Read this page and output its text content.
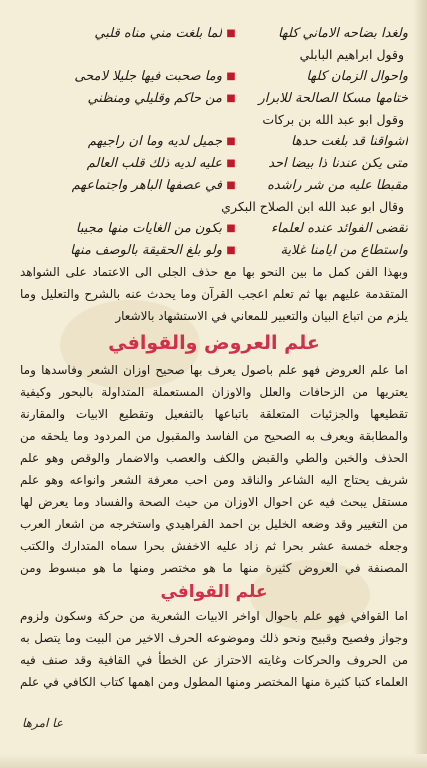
ولغدا بضاحه الاماني كلها
■
لما بلغت مني مناه قلبي
وقول ابراهيم البابلي
واحوال الزمان كلها
■
وما صحبت فيها جليلا لامحى
ختامها مسكا الصالحة للابرار
■
من حاكم وقليلي ومنظني
وقول ابو عبد الله بن بركات
اشواقنا قد بلغت حدها
■
جميل لديه وما ان راجيهم
متى يكن عندنا ذا بيضا احد
■
عليه لديه ذلك قلب العالم
مقبطا عليه من شر راشده
■
في عصفها الباهر واجتماعهم
وقال ابو عبد الله ابن الصلاح البكري
تقضى الفوائد عنده لعلماء
■
بكون من الغايات منها مجيبا
واستطاع من ايامنا غلاية
■
ولو بلغ الحقيقة بالوصف منها

وبهذا الفن كمل ما بين النحو بها مع حذف الجلى الى الاعتماد على الشواهد المتقدمة عليهم بها ثم تعلم اعجب القرآن وما يحدث عنه بالشرح والتعليل وما يلزم من اتباع البيان والتعبير للمعاني في الاستشهاد بالاشعار

علم العروض والقوافي

اما علم العروض فهو علم باصول يعرف بها صحيح اوزان الشعر وفاسدها وما يعتريها من الزحافات والعلل والاوزان المستعملة المتداولة بالبحور وكيفية تقطيعها والجزئيات المتعلقة باتباعها بالتفعيل وتقطيع الابيات والمقارنة والمطابقة ويعرف به الصحيح من الفاسد والمقبول من المردود وما يلحقه من الحذف والخبن والطي والقبض والكف والعصب والاضمار والوقص وهو علم شريف يحتاج اليه الشاعر والناقد ومن احب معرفة الشعر وانواعه وهو علم مستقل يبحث فيه عن احوال الاوزان من حيث الصحة والفساد وما يعرض لها من التغيير وقد وضعه الخليل بن احمد الفراهيدي واستخرجه من اشعار العرب وجعله خمسة عشر بحرا ثم زاد عليه الاخفش بحرا سماه المتدارك والكتب المصنفة في العروض كثيرة منها ما هو مختصر ومنها ما هو مبسوط ومن

علم القوافي

اما القوافي فهو علم باحوال اواخر الابيات الشعرية من حركة وسكون ولزوم وجواز وفصيح وقبيح ونحو ذلك وموضوعه الحرف الاخير من البيت وما يتصل به من الحروف والحركات وغايته الاحتراز عن الخطأ في القافية وقد صنف فيه العلماء كتبا كثيرة منها المختصر ومنها المطول ومن اهمها كتاب الكافي في علم

عا امرها
